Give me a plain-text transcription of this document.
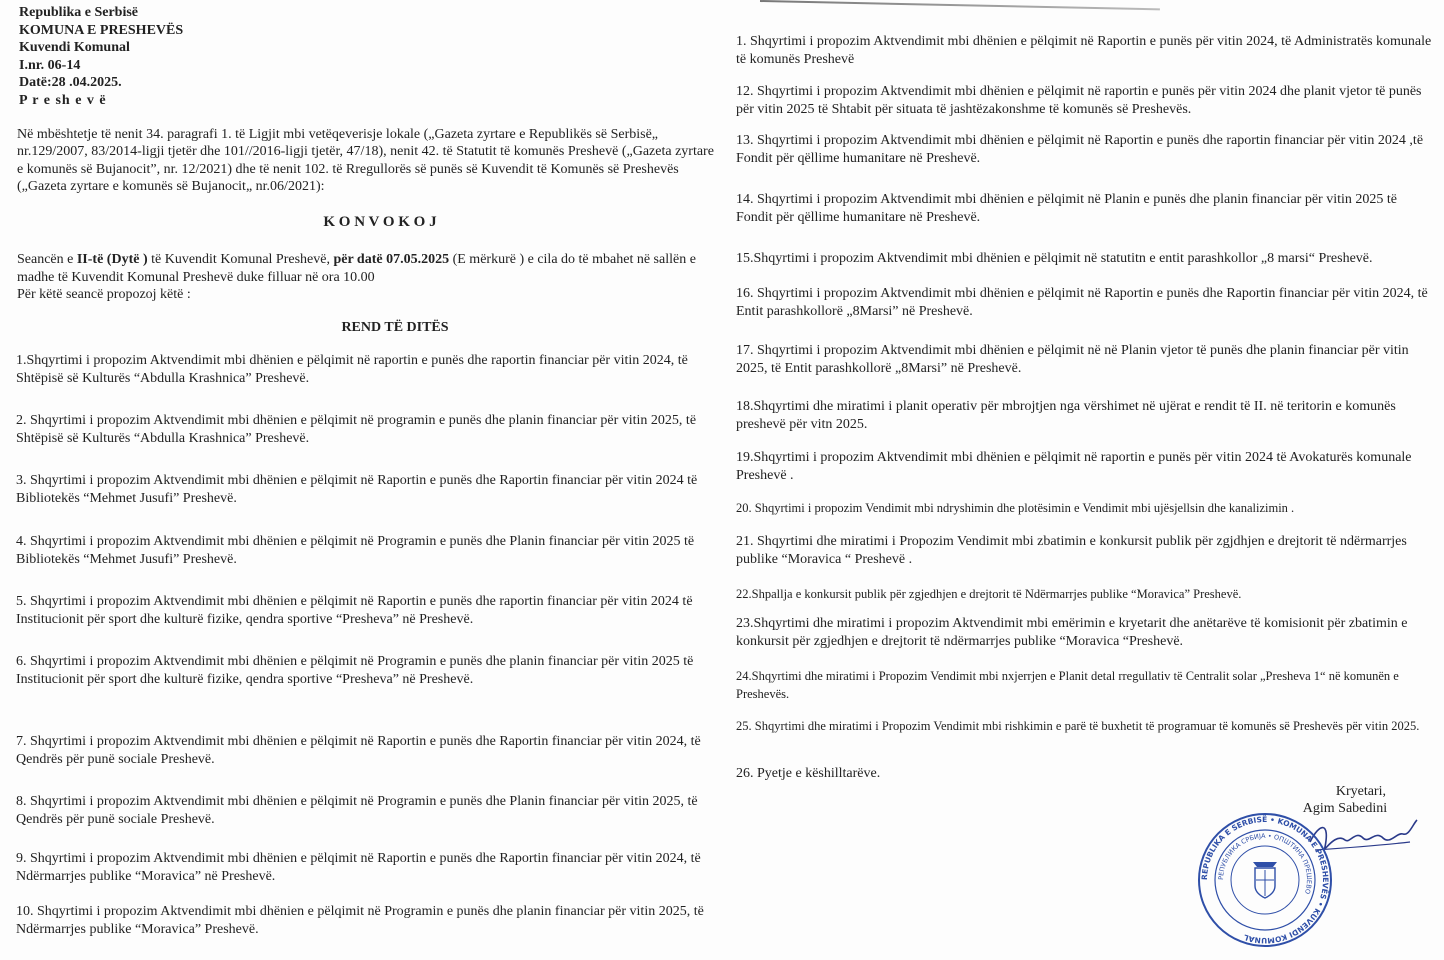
Republika e Serbisë
KOMUNA E PRESHEVËS
Kuvendi Komunal
I.nr. 06-14
Datë:28 .04.2025.
P r e sh e v ë
Në mbështetje të nenit 34. paragrafi 1. të Ligjit mbi vetëqeverisje lokale („Gazeta zyrtare e Republikës së Serbisë„ nr.129/2007, 83/2014-ligji tjetër dhe 101//2016-ligji tjetër, 47/18), nenit 42. të Statutit të komunës Preshevë („Gazeta zyrtare e komunës së Bujanocit”, nr. 12/2021) dhe të nenit 102. të Rregullorës së punës së Kuvendit të Komunës së Preshevës („Gazeta zyrtare e komunës së Bujanocit„ nr.06/2021):
K O N V O K O J
Seancën e II-të (Dytë ) të Kuvendit Komunal Preshevë, për datë 07.05.2025 (E mërkurë ) e cila do të mbahet në sallën e madhe të Kuvendit Komunal Preshevë duke filluar në ora 10.00
Për këtë seancë propozoj këtë :
REND TË DITËS
1.Shqyrtimi i propozim Aktvendimit mbi dhënien e pëlqimit në raportin e punës dhe raportin financiar për vitin 2024, të Shtëpisë së Kulturës “Abdulla Krashnica” Preshevë.
2. Shqyrtimi i propozim Aktvendimit mbi dhënien e pëlqimit në programin e punës dhe planin financiar për vitin 2025, të Shtëpisë së Kulturës “Abdulla Krashnica” Preshevë.
3. Shqyrtimi i propozim Aktvendimit mbi dhënien e pëlqimit në Raportin e punës dhe Raportin financiar për vitin 2024 të Bibliotekës “Mehmet Jusufi” Preshevë.
4. Shqyrtimi i propozim Aktvendimit mbi dhënien e pëlqimit në Programin e punës dhe Planin financiar për vitin 2025 të Bibliotekës “Mehmet Jusufi” Preshevë.
5. Shqyrtimi i propozim Aktvendimit mbi dhënien e pëlqimit në Raportin e punës dhe raportin financiar për vitin 2024 të Institucionit për sport dhe kulturë fizike, qendra sportive “Presheva” në Preshevë.
6. Shqyrtimi i propozim Aktvendimit mbi dhënien e pëlqimit në Programin e punës dhe planin financiar për vitin 2025 të Institucionit për sport dhe kulturë fizike, qendra sportive “Presheva” në Preshevë.
7. Shqyrtimi i propozim Aktvendimit mbi dhënien e pëlqimit në Raportin e punës dhe Raportin financiar për vitin 2024, të Qendrës për punë sociale Preshevë.
8. Shqyrtimi i propozim Aktvendimit mbi dhënien e pëlqimit në Programin e punës dhe Planin financiar për vitin 2025, të Qendrës për punë sociale Preshevë.
9. Shqyrtimi i propozim Aktvendimit mbi dhënien e pëlqimit në Raportin e punës dhe Raportin financiar për vitin 2024, të Ndërmarrjes publike “Moravica” në Preshevë.
10. Shqyrtimi i propozim Aktvendimit mbi dhënien e pëlqimit në Programin e punës dhe planin financiar për vitin 2025, të Ndërmarrjes publike “Moravica” Preshevë.
1. Shqyrtimi i propozim Aktvendimit mbi dhënien e pëlqimit në Raportin e punës për vitin 2024, të Administratës komunale të komunës Preshevë
12. Shqyrtimi i propozim Aktvendimit mbi dhënien e pëlqimit në raportin e punës për vitin 2024 dhe planit vjetor të punës për vitin 2025 të Shtabit për situata të jashtëzakonshme të komunës së Preshevës.
13. Shqyrtimi i propozim Aktvendimit mbi dhënien e pëlqimit në Raportin e punës dhe raportin financiar për vitin 2024 ,të Fondit për qëllime humanitare në Preshevë.
14. Shqyrtimi i propozim Aktvendimit mbi dhënien e pëlqimit në Planin e punës dhe planin financiar për vitin 2025 të Fondit për qëllime humanitare në Preshevë.
15.Shqyrtimi i propozim Aktvendimit mbi dhënien e pëlqimit në statutitn e entit parashkollor „8 marsi“ Preshevë.
16. Shqyrtimi i propozim Aktvendimit mbi dhënien e pëlqimit në Raportin e punës dhe Raportin financiar për vitin 2024, të Entit parashkollorë „8Marsi” në Preshevë.
17. Shqyrtimi i propozim Aktvendimit mbi dhënien e pëlqimit në në Planin vjetor të punës dhe planin financiar për vitin 2025, të Entit parashkollorë „8Marsi” në Preshevë.
18.Shqyrtimi dhe miratimi i planit operativ për mbrojtjen nga vërshimet në ujërat e rendit të II. në teritorin e komunës preshevë për vitn 2025.
19.Shqyrtimi i propozim Aktvendimit mbi dhënien e pëlqimit në raportin e punës për vitin 2024 të Avokaturës komunale Preshevë .
20. Shqyrtimi i propozim Vendimit mbi ndryshimin dhe plotësimin e Vendimit mbi ujësjellsin dhe kanalizimin .
21. Shqyrtimi dhe miratimi i Propozim Vendimit mbi zbatimin e konkursit publik për zgjdhjen e drejtorit të ndërmarrjes publike “Moravica “ Preshevë .
22.Shpallja e konkursit publik për zgjedhjen e drejtorit të Ndërmarrjes publike “Moravica” Preshevë.
23.Shqyrtimi dhe miratimi i propozim Aktvendimit mbi emërimin e kryetarit dhe anëtarëve të komisionit për zbatimin e konkursit për zgjedhjen e drejtorit të ndërmarrjes publike “Moravica “Preshevë.
24.Shqyrtimi dhe miratimi i Propozim Vendimit mbi nxjerrjen e Planit detal rregullativ të Centralit solar „Presheva 1“ në komunën e Preshevës.
25. Shqyrtimi dhe miratimi i Propozim Vendimit mbi rishkimin e parë të buxhetit të programuar të komunës së Preshevës për vitin 2025.
26. Pyetje e këshilltarëve.
Kryetari,
Agim Sabedini
REPUBLIKA E SERBISË • KOMUNA E PRESHEVËS • KUVENDI KOMUNAL
РЕПУБЛИКА СРБИЈА • ОПШТИНА ПРЕШЕВО
